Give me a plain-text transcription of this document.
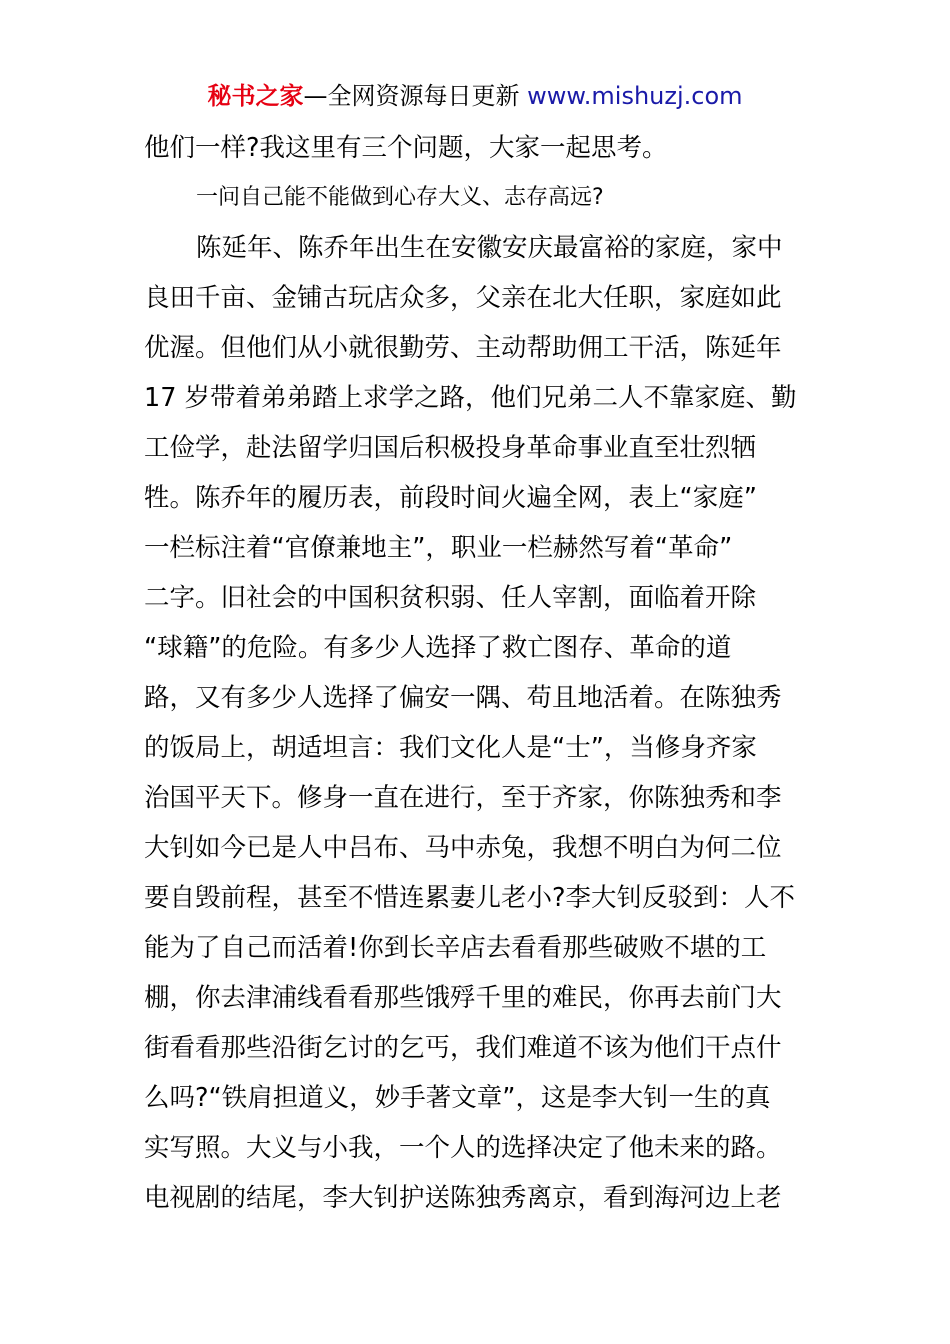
秘书之家—全网资源每日更新 www.mishuzj.com
他们一样?我这里有三个问题，大家一起思考。
一问自己能不能做到心存大义、志存高远?
陈延年、陈乔年出生在安徽安庆最富裕的家庭，家中
良田千亩、金铺古玩店众多，父亲在北大任职，家庭如此
优渥。但他们从小就很勤劳、主动帮助佣工干活，陈延年
17 岁带着弟弟踏上求学之路，他们兄弟二人不靠家庭、勤
工俭学，赴法留学归国后积极投身革命事业直至壮烈牺
牲。陈乔年的履历表，前段时间火遍全网，表上“家庭”
一栏标注着“官僚兼地主”，职业一栏赫然写着“革命”
二字。旧社会的中国积贫积弱、任人宰割，面临着开除
“球籍”的危险。有多少人选择了救亡图存、革命的道
路，又有多少人选择了偏安一隅、苟且地活着。在陈独秀
的饭局上，胡适坦言：我们文化人是“士”，当修身齐家
治国平天下。修身一直在进行，至于齐家，你陈独秀和李
大钊如今已是人中吕布、马中赤兔，我想不明白为何二位
要自毁前程，甚至不惜连累妻儿老小?李大钊反驳到：人不
能为了自己而活着!你到长辛店去看看那些破败不堪的工
棚，你去津浦线看看那些饿殍千里的难民，你再去前门大
街看看那些沿街乞讨的乞丐，我们难道不该为他们干点什
么吗?“铁肩担道义，妙手著文章”，这是李大钊一生的真
实写照。大义与小我，一个人的选择决定了他未来的路。
电视剧的结尾，李大钊护送陈独秀离京，看到海河边上老
